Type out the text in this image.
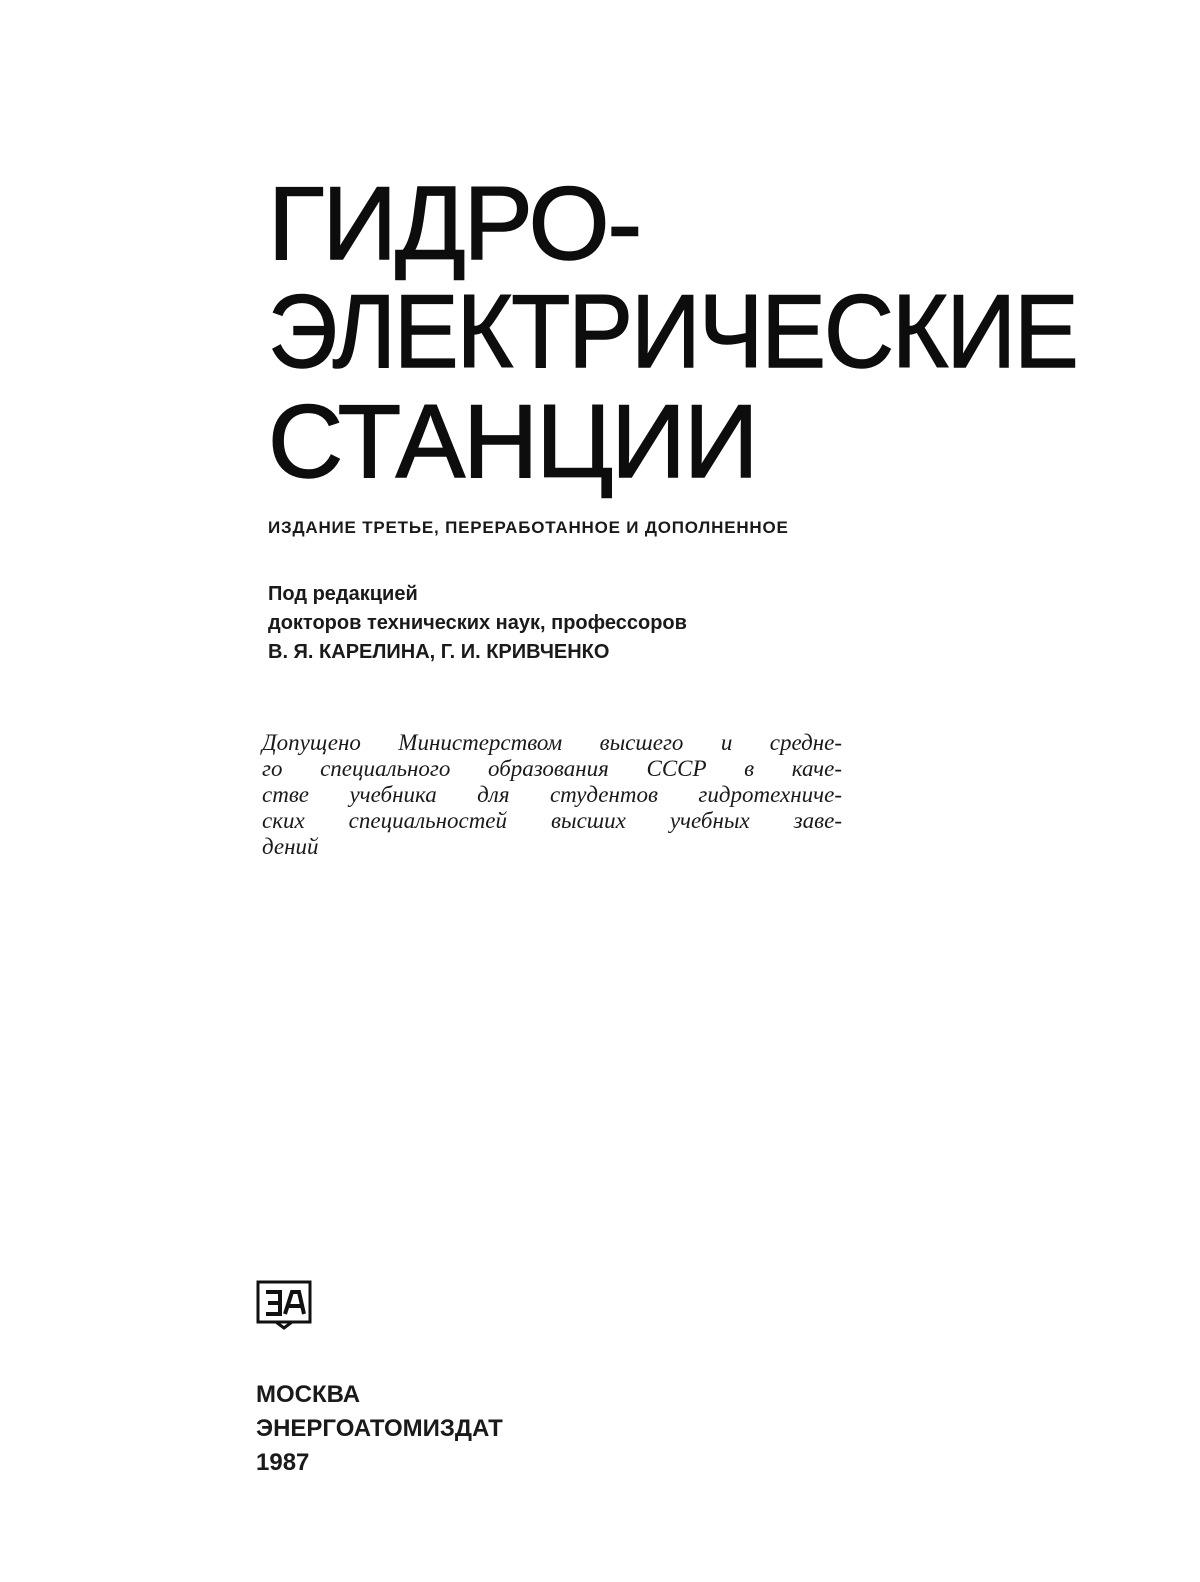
ГИДРО-
ЭЛЕКТРИЧЕСКИЕ
СТАНЦИИ
ИЗДАНИЕ ТРЕТЬЕ, ПЕРЕРАБОТАННОЕ И ДОПОЛНЕННОЕ
Под редакцией
докторов технических наук, профессоров
В. Я. КАРЕЛИНА, Г. И. КРИВЧЕНКО
Допущено Министерством высшего и средне-
го специального образования СССР в каче-
стве учебника для студентов гидротехниче-
ских специальностей высших учебных заве-
дений
МОСКВА
ЭНЕРГОАТОМИЗДАТ
1987
